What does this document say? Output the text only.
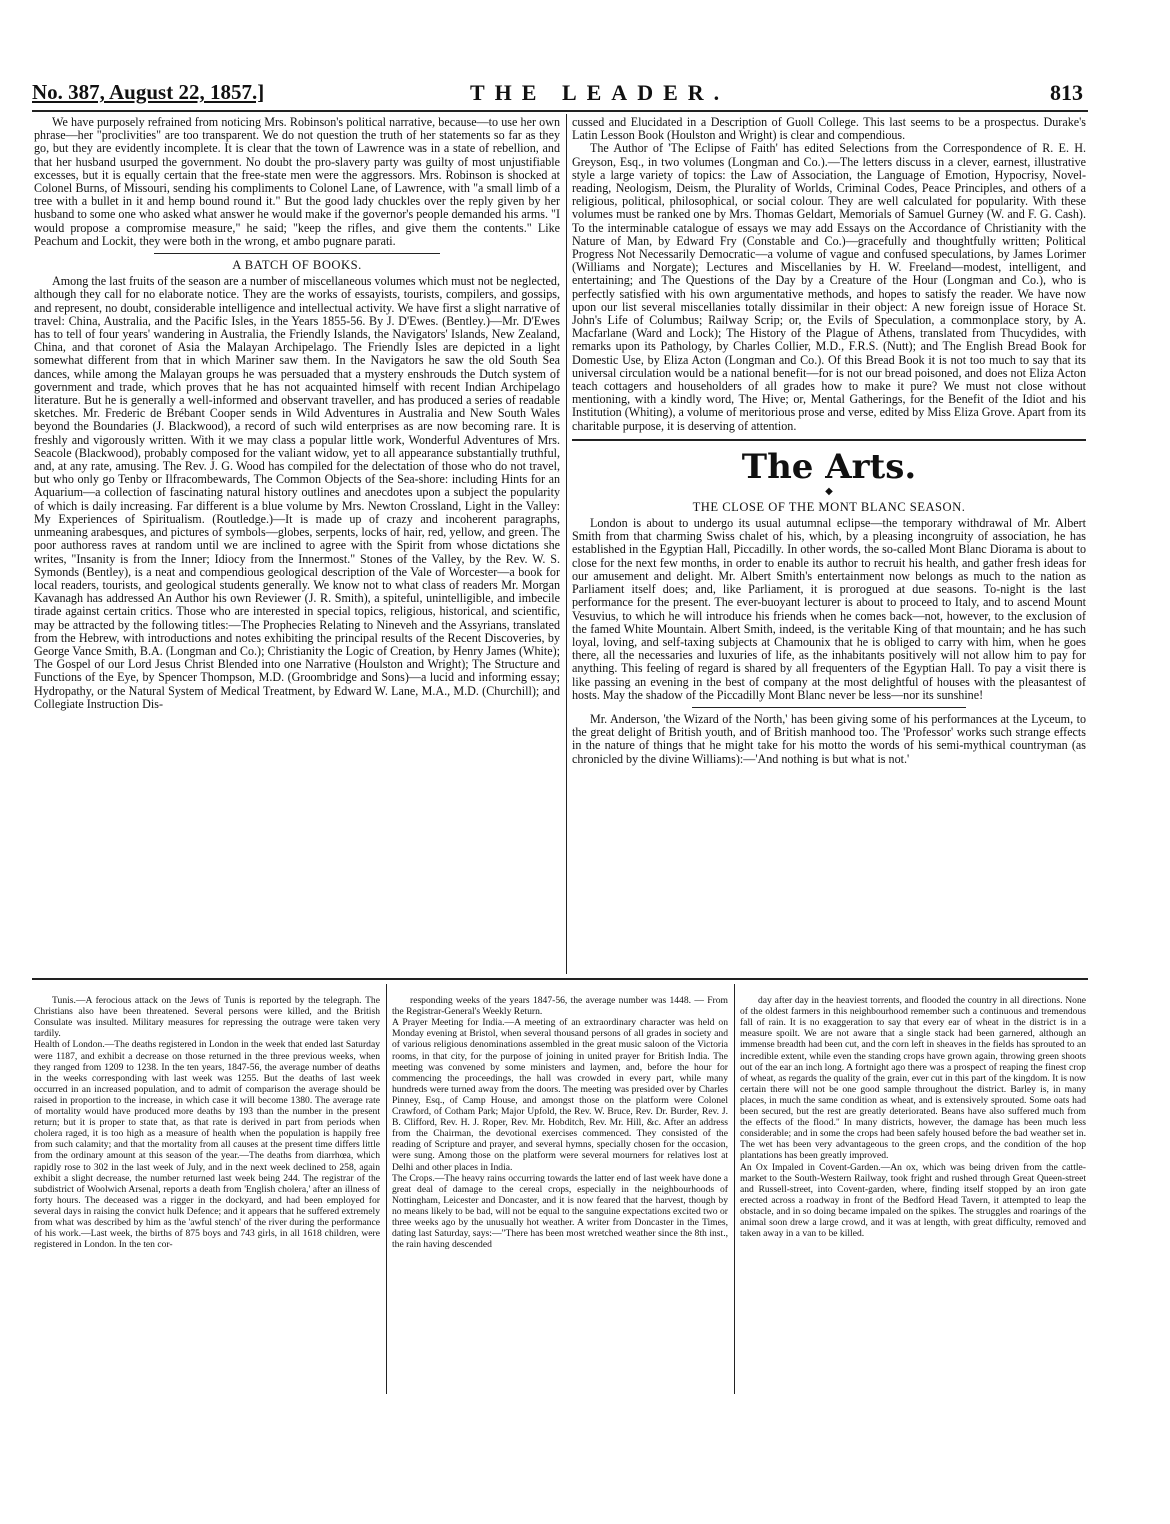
No. 387, August 22, 1857.]	THE LEADER.	813

We have purposely refrained from noticing Mrs. Robinson's political narrative, because—to use her own phrase—her "proclivities" are too transparent. We do not question the truth of her statements so far as they go, but they are evidently incomplete. It is clear that the town of Lawrence was in a state of rebellion, and that her husband usurped the government. No doubt the pro-slavery party was guilty of most unjustifiable excesses, but it is equally certain that the free-state men were the aggressors. Mrs. Robinson is shocked at Colonel Burns, of Missouri, sending his compliments to Colonel Lane, of Lawrence, with "a small limb of a tree with a bullet in it and hemp bound round it." But the good lady chuckles over the reply given by her husband to some one who asked what answer he would make if the governor's people demanded his arms. "I would propose a compromise measure," he said; "keep the rifles, and give them the contents." Like Peachum and Lockit, they were both in the wrong, et ambo pugnare parati.

A BATCH OF BOOKS.

Among the last fruits of the season are a number of miscellaneous volumes which must not be neglected, although they call for no elaborate notice. They are the works of essayists, tourists, compilers, and gossips, and represent, no doubt, considerable intelligence and intellectual activity. We have first a slight narrative of travel: China, Australia, and the Pacific Isles, in the Years 1855-56. By J. D'Ewes. (Bentley.)—Mr. D'Ewes has to tell of four years' wandering in Australia, the Friendly Islands, the Navigators' Islands, New Zealand, China, and that coronet of Asia the Malayan Archipelago. The Friendly Isles are depicted in a light somewhat different from that in which Mariner saw them. In the Navigators he saw the old South Sea dances, while among the Malayan groups he was persuaded that a mystery enshrouds the Dutch system of government and trade, which proves that he has not acquainted himself with recent Indian Archipelago literature. But he is generally a well-informed and observant traveller, and has produced a series of readable sketches. Mr. Frederic de Brébant Cooper sends in Wild Adventures in Australia and New South Wales beyond the Boundaries (J. Blackwood), a record of such wild enterprises as are now becoming rare. It is freshly and vigorously written. With it we may class a popular little work, Wonderful Adventures of Mrs. Seacole (Blackwood), probably composed for the valiant widow, yet to all appearance substantially truthful, and, at any rate, amusing. The Rev. J. G. Wood has compiled for the delectation of those who do not travel, but who only go Tenby or Ilfracombewards, The Common Objects of the Sea-shore: including Hints for an Aquarium—a collection of fascinating natural history outlines and anecdotes upon a subject the popularity of which is daily increasing. Far different is a blue volume by Mrs. Newton Crossland, Light in the Valley: My Experiences of Spiritualism. (Routledge.)—It is made up of crazy and incoherent paragraphs, unmeaning arabesques, and pictures of symbols—globes, serpents, locks of hair, red, yellow, and green. The poor authoress raves at random until we are inclined to agree with the Spirit from whose dictations she writes, "Insanity is from the Inner; Idiocy from the Innermost." Stones of the Valley, by the Rev. W. S. Symonds (Bentley), is a neat and compendious geological description of the Vale of Worcester—a book for local readers, tourists, and geological students generally. We know not to what class of readers Mr. Morgan Kavanagh has addressed An Author his own Reviewer (J. R. Smith), a spiteful, unintelligible, and imbecile tirade against certain critics. Those who are interested in special topics, religious, historical, and scientific, may be attracted by the following titles:—The Prophecies Relating to Nineveh and the Assyrians, translated from the Hebrew, with introductions and notes exhibiting the principal results of the Recent Discoveries, by George Vance Smith, B.A. (Longman and Co.); Christianity the Logic of Creation, by Henry James (White); The Gospel of our Lord Jesus Christ Blended into one Narrative (Houlston and Wright); The Structure and Functions of the Eye, by Spencer Thompson, M.D. (Groombridge and Sons)—a lucid and informing essay; Hydropathy, or the Natural System of Medical Treatment, by Edward W. Lane, M.A., M.D. (Churchill); and Collegiate Instruction Dis-

cussed and Elucidated in a Description of Guoll College. This last seems to be a prospectus. Durake's Latin Lesson Book (Houlston and Wright) is clear and compendious.

The Author of 'The Eclipse of Faith' has edited Selections from the Correspondence of R. E. H. Greyson, Esq., in two volumes (Longman and Co.).—The letters discuss in a clever, earnest, illustrative style a large variety of topics: the Law of Association, the Language of Emotion, Hypocrisy, Novel-reading, Neologism, Deism, the Plurality of Worlds, Criminal Codes, Peace Principles, and others of a religious, political, philosophical, or social colour. They are well calculated for popularity. With these volumes must be ranked one by Mrs. Thomas Geldart, Memorials of Samuel Gurney (W. and F. G. Cash). To the interminable catalogue of essays we may add Essays on the Accordance of Christianity with the Nature of Man, by Edward Fry (Constable and Co.)—gracefully and thoughtfully written; Political Progress Not Necessarily Democratic—a volume of vague and confused speculations, by James Lorimer (Williams and Norgate); Lectures and Miscellanies by H. W. Freeland—modest, intelligent, and entertaining; and The Questions of the Day by a Creature of the Hour (Longman and Co.), who is perfectly satisfied with his own argumentative methods, and hopes to satisfy the reader. We have now upon our list several miscellanies totally dissimilar in their object: A new foreign issue of Horace St. John's Life of Columbus; Railway Scrip; or, the Evils of Speculation, a commonplace story, by A. Macfarlane (Ward and Lock); The History of the Plague of Athens, translated from Thucydides, with remarks upon its Pathology, by Charles Collier, M.D., F.R.S. (Nutt); and The English Bread Book for Domestic Use, by Eliza Acton (Longman and Co.). Of this Bread Book it is not too much to say that its universal circulation would be a national benefit—for is not our bread poisoned, and does not Eliza Acton teach cottagers and householders of all grades how to make it pure? We must not close without mentioning, with a kindly word, The Hive; or, Mental Gatherings, for the Benefit of the Idiot and his Institution (Whiting), a volume of meritorious prose and verse, edited by Miss Eliza Grove. Apart from its charitable purpose, it is deserving of attention.

The Arts.
◆
THE CLOSE OF THE MONT BLANC SEASON.

London is about to undergo its usual autumnal eclipse—the temporary withdrawal of Mr. Albert Smith from that charming Swiss chalet of his, which, by a pleasing incongruity of association, he has established in the Egyptian Hall, Piccadilly. In other words, the so-called Mont Blanc Diorama is about to close for the next few months, in order to enable its author to recruit his health, and gather fresh ideas for our amusement and delight. Mr. Albert Smith's entertainment now belongs as much to the nation as Parliament itself does; and, like Parliament, it is prorogued at due seasons. To-night is the last performance for the present. The ever-buoyant lecturer is about to proceed to Italy, and to ascend Mount Vesuvius, to which he will introduce his friends when he comes back—not, however, to the exclusion of the famed White Mountain. Albert Smith, indeed, is the veritable King of that mountain; and he has such loyal, loving, and self-taxing subjects at Chamounix that he is obliged to carry with him, when he goes there, all the necessaries and luxuries of life, as the inhabitants positively will not allow him to pay for anything. This feeling of regard is shared by all frequenters of the Egyptian Hall. To pay a visit there is like passing an evening in the best of company at the most delightful of houses with the pleasantest of hosts. May the shadow of the Piccadilly Mont Blanc never be less—nor its sunshine!

Mr. Anderson, 'the Wizard of the North,' has been giving some of his performances at the Lyceum, to the great delight of British youth, and of British manhood too. The 'Professor' works such strange effects in the nature of things that he might take for his motto the words of his semi-mythical countryman (as chronicled by the divine Williams):—'And nothing is but what is not.'

Tunis.—A ferocious attack on the Jews of Tunis is reported by the telegraph. The Christians also have been threatened. Several persons were killed, and the British Consulate was insulted. Military measures for repressing the outrage were taken very tardily.
Health of London.—The deaths registered in London in the week that ended last Saturday were 1187, and exhibit a decrease on those returned in the three previous weeks, when they ranged from 1209 to 1238. In the ten years, 1847-56, the average number of deaths in the weeks corresponding with last week was 1255. But the deaths of last week occurred in an increased population, and to admit of comparison the average should be raised in proportion to the increase, in which case it will become 1380. The average rate of mortality would have produced more deaths by 193 than the number in the present return; but it is proper to state that, as that rate is derived in part from periods when cholera raged, it is too high as a measure of health when the population is happily free from such calamity; and that the mortality from all causes at the present time differs little from the ordinary amount at this season of the year.—The deaths from diarrhœa, which rapidly rose to 302 in the last week of July, and in the next week declined to 258, again exhibit a slight decrease, the number returned last week being 244. The registrar of the subdistrict of Woolwich Arsenal, reports a death from 'English cholera,' after an illness of forty hours. The deceased was a rigger in the dockyard, and had been employed for several days in raising the convict hulk Defence; and it appears that he suffered extremely from what was described by him as the 'awful stench' of the river during the performance of his work.—Last week, the births of 875 boys and 743 girls, in all 1618 children, were registered in London. In the ten cor-

responding weeks of the years 1847-56, the average number was 1448. — From the Registrar-General's Weekly Return.
A Prayer Meeting for India.—A meeting of an extraordinary character was held on Monday evening at Bristol, when several thousand persons of all grades in society and of various religious denominations assembled in the great music saloon of the Victoria rooms, in that city, for the purpose of joining in united prayer for British India. The meeting was convened by some ministers and laymen, and, before the hour for commencing the proceedings, the hall was crowded in every part, while many hundreds were turned away from the doors. The meeting was presided over by Charles Pinney, Esq., of Camp House, and amongst those on the platform were Colonel Crawford, of Cotham Park; Major Upfold, the Rev. W. Bruce, Rev. Dr. Burder, Rev. J. B. Clifford, Rev. H. J. Roper, Rev. Mr. Hobditch, Rev. Mr. Hill, &c. After an address from the Chairman, the devotional exercises commenced. They consisted of the reading of Scripture and prayer, and several hymns, specially chosen for the occasion, were sung. Among those on the platform were several mourners for relatives lost at Delhi and other places in India.
The Crops.—The heavy rains occurring towards the latter end of last week have done a great deal of damage to the cereal crops, especially in the neighbourhoods of Nottingham, Leicester and Doncaster, and it is now feared that the harvest, though by no means likely to be bad, will not be equal to the sanguine expectations excited two or three weeks ago by the unusually hot weather. A writer from Doncaster in the Times, dating last Saturday, says:—"There has been most wretched weather since the 8th inst., the rain having descended

day after day in the heaviest torrents, and flooded the country in all directions. None of the oldest farmers in this neighbourhood remember such a continuous and tremendous fall of rain. It is no exaggeration to say that every ear of wheat in the district is in a measure spoilt. We are not aware that a single stack had been garnered, although an immense breadth had been cut, and the corn left in sheaves in the fields has sprouted to an incredible extent, while even the standing crops have grown again, throwing green shoots out of the ear an inch long. A fortnight ago there was a prospect of reaping the finest crop of wheat, as regards the quality of the grain, ever cut in this part of the kingdom. It is now certain there will not be one good sample throughout the district. Barley is, in many places, in much the same condition as wheat, and is extensively sprouted. Some oats had been secured, but the rest are greatly deteriorated. Beans have also suffered much from the effects of the flood." In many districts, however, the damage has been much less considerable; and in some the crops had been safely housed before the bad weather set in. The wet has been very advantageous to the green crops, and the condition of the hop plantations has been greatly improved.
An Ox Impaled in Covent-Garden.—An ox, which was being driven from the cattle-market to the South-Western Railway, took fright and rushed through Great Queen-street and Russell-street, into Covent-garden, where, finding itself stopped by an iron gate erected across a roadway in front of the Bedford Head Tavern, it attempted to leap the obstacle, and in so doing became impaled on the spikes. The struggles and roarings of the animal soon drew a large crowd, and it was at length, with great difficulty, removed and taken away in a van to be killed.
